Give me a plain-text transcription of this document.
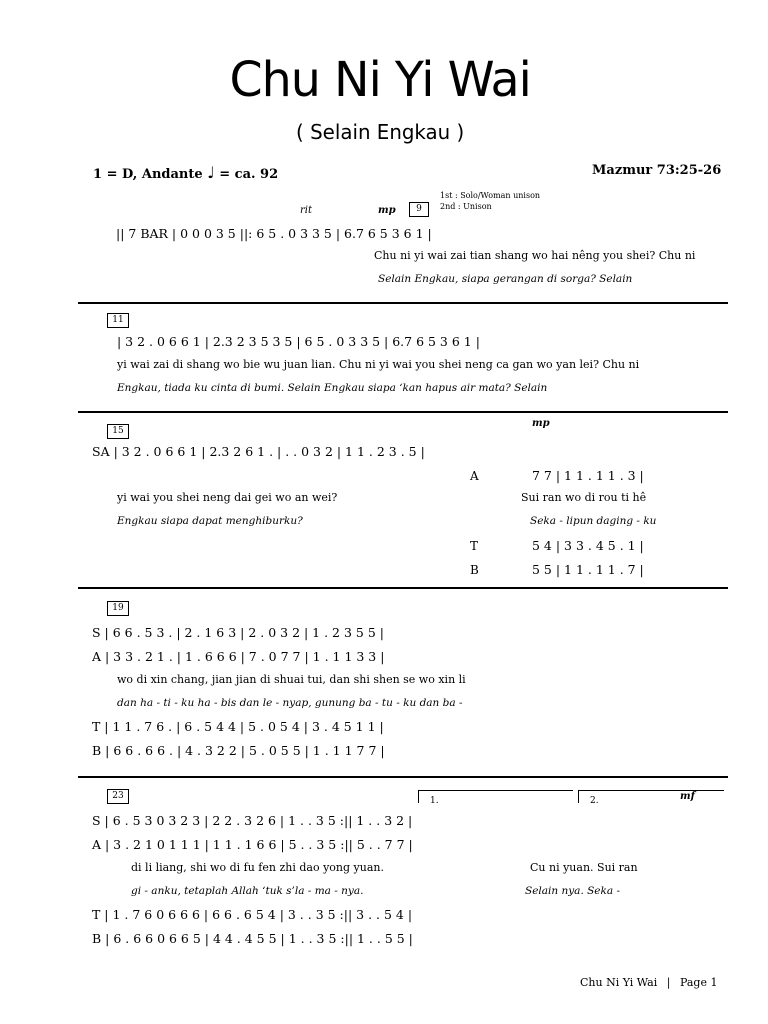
Chu Ni Yi Wai
( Selain Engkau )
1 = D, Andante ♩ = ca. 92	Mazmur 73:25-26
1st : Solo/Woman unison
2nd : Unison
rit	mp	9
|| 7 BAR | 0 0 0 3 5 ||: 6 5 . 0 3 3 5 | 6.7 6 5 3 6 1 |
Chu ni yi wai zai tian shang wo hai nêng you shei? Chu ni
Selain Engkau, siapa gerangan di sorga? Selain
11
| 3 2 . 0 6 6 1 | 2.3 2 3 5 3 5 | 6 5 . 0 3 3 5 | 6.7 6 5 3 6 1 |
yi wai zai di shang wo bie wu juan lian. Chu ni yi wai you shei neng ca gan wo yan lei? Chu ni
Engkau, tiada ku cinta di bumi. Selain Engkau siapa ‘kan hapus air mata? Selain
15
mp
SA | 3 2 . 0 6 6 1 | 2.3 2 6 1 . | . . 0 3 2 | 1 1 . 2 3 . 5 |
A	7 7 | 1 1 . 1 1 . 3 |
yi wai you shei neng dai gei wo an wei?	Sui ran wo di rou ti hê
Engkau siapa dapat menghiburku?	Seka - lipun daging - ku
T	5 4 | 3 3 . 4 5 . 1 |
B	5 5 | 1 1 . 1 1 . 7 |
19
S | 6 6 . 5 3 . | 2 . 1 6 3 | 2 . 0 3 2 | 1 . 2 3 5 5 |
A | 3 3 . 2 1 . | 1 . 6 6 6 | 7 . 0 7 7 | 1 . 1 1 3 3 |
wo di xin chang, jian jian di shuai tui, dan shi shen se wo xin li
dan ha - ti - ku ha - bis dan le - nyap, gunung ba - tu - ku dan ba -
T | 1 1 . 7 6 . | 6 . 5 4 4 | 5 . 0 5 4 | 3 . 4 5 1 1 |
B | 6 6 . 6 6 . | 4 . 3 2 2 | 5 . 0 5 5 | 1 . 1 1 7 7 |
23	1.	2.	mf
S | 6 . 5 3 0 3 2 3 | 2 2 . 3 2 6 | 1 . . 3 5 :|| 1 . . 3 2 |
A | 3 . 2 1 0 1 1 1 | 1 1 . 1 6 6 | 5 . . 3 5 :|| 5 . . 7 7 |
di li liang, shi wo di fu fen zhi dao yong yuan.	Cu ni yuan. Sui ran
gi - anku, tetaplah Allah ‘tuk s’la - ma - nya.	Selain nya. Seka -
T | 1 . 7 6 0 6 6 6 | 6 6 . 6 5 4 | 3 . . 3 5 :|| 3 . . 5 4 |
B | 6 . 6 6 0 6 6 5 | 4 4 . 4 5 5 | 1 . . 3 5 :|| 1 . . 5 5 |
Chu Ni Yi Wai | Page 1
